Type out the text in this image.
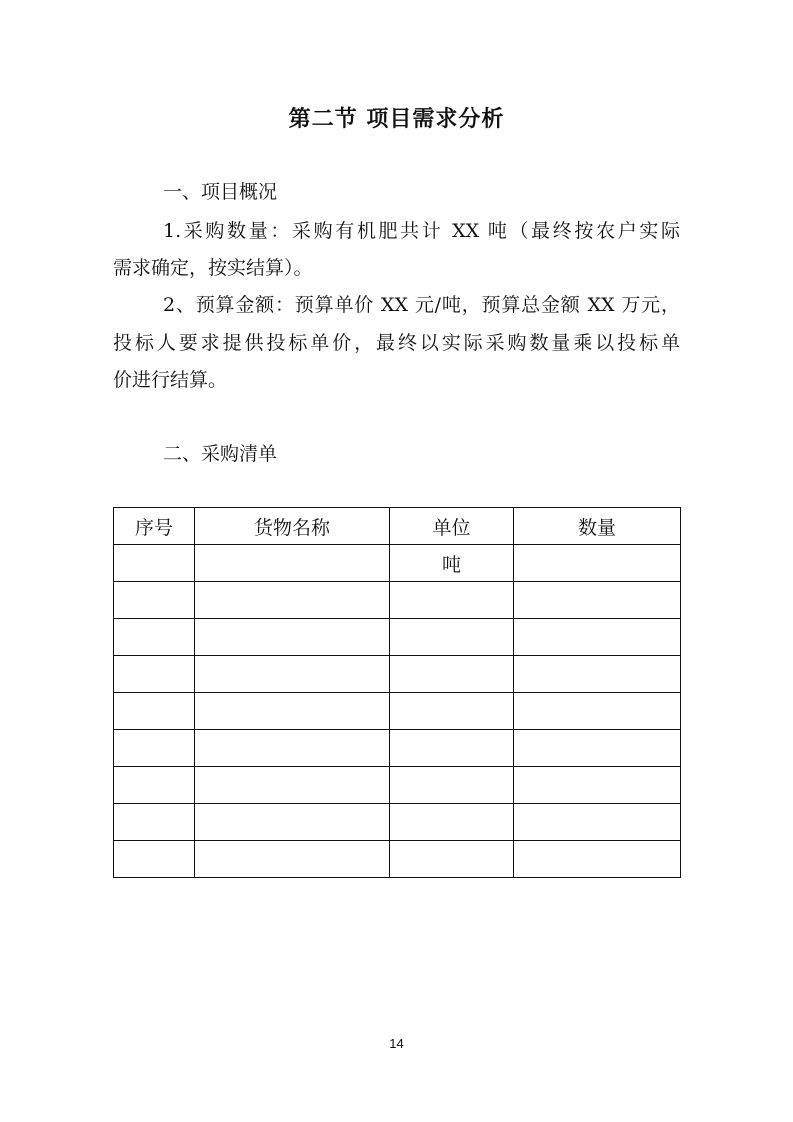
第二节 项目需求分析
一、项目概况
1.采购数量：采购有机肥共计 XX 吨（最终按农户实际
需求确定，按实结算）。
2、预算金额：预算单价 XX 元/吨，预算总金额 XX 万元，
投标人要求提供投标单价，最终以实际采购数量乘以投标单
价进行结算。
二、采购清单
序号	货物名称	单位	数量
		吨	

14
